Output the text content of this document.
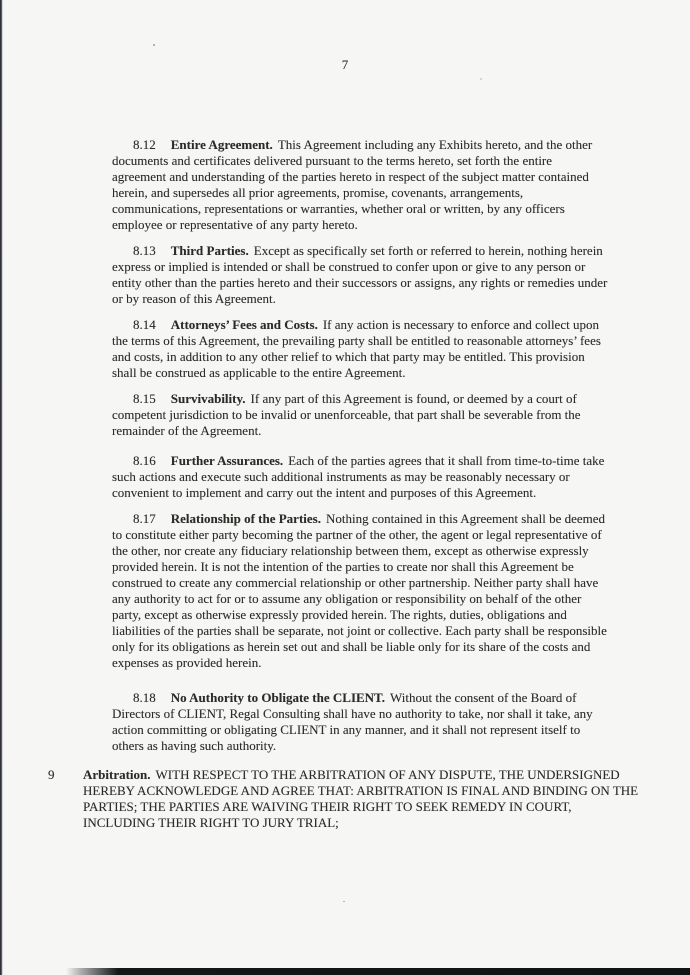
7

8.12 Entire Agreement. This Agreement including any Exhibits hereto, and the other documents and certificates delivered pursuant to the terms hereto, set forth the entire agreement and understanding of the parties hereto in respect of the subject matter contained herein, and supersedes all prior agreements, promise, covenants, arrangements, communications, representations or warranties, whether oral or written, by any officers employee or representative of any party hereto.

8.13 Third Parties. Except as specifically set forth or referred to herein, nothing herein express or implied is intended or shall be construed to confer upon or give to any person or entity other than the parties hereto and their successors or assigns, any rights or remedies under or by reason of this Agreement.

8.14 Attorneys’ Fees and Costs. If any action is necessary to enforce and collect upon the terms of this Agreement, the prevailing party shall be entitled to reasonable attorneys’ fees and costs, in addition to any other relief to which that party may be entitled. This provision shall be construed as applicable to the entire Agreement.

8.15 Survivability. If any part of this Agreement is found, or deemed by a court of competent jurisdiction to be invalid or unenforceable, that part shall be severable from the remainder of the Agreement.

8.16 Further Assurances. Each of the parties agrees that it shall from time-to-time take such actions and execute such additional instruments as may be reasonably necessary or convenient to implement and carry out the intent and purposes of this Agreement.

8.17 Relationship of the Parties. Nothing contained in this Agreement shall be deemed to constitute either party becoming the partner of the other, the agent or legal representative of the other, nor create any fiduciary relationship between them, except as otherwise expressly provided herein. It is not the intention of the parties to create nor shall this Agreement be construed to create any commercial relationship or other partnership. Neither party shall have any authority to act for or to assume any obligation or responsibility on behalf of the other party, except as otherwise expressly provided herein. The rights, duties, obligations and liabilities of the parties shall be separate, not joint or collective. Each party shall be responsible only for its obligations as herein set out and shall be liable only for its share of the costs and expenses as provided herein.

8.18 No Authority to Obligate the CLIENT. Without the consent of the Board of Directors of CLIENT, Regal Consulting shall have no authority to take, nor shall it take, any action committing or obligating CLIENT in any manner, and it shall not represent itself to others as having such authority.

9 Arbitration. WITH RESPECT TO THE ARBITRATION OF ANY DISPUTE, THE UNDERSIGNED HEREBY ACKNOWLEDGE AND AGREE THAT: ARBITRATION IS FINAL AND BINDING ON THE PARTIES; THE PARTIES ARE WAIVING THEIR RIGHT TO SEEK REMEDY IN COURT, INCLUDING THEIR RIGHT TO JURY TRIAL;
